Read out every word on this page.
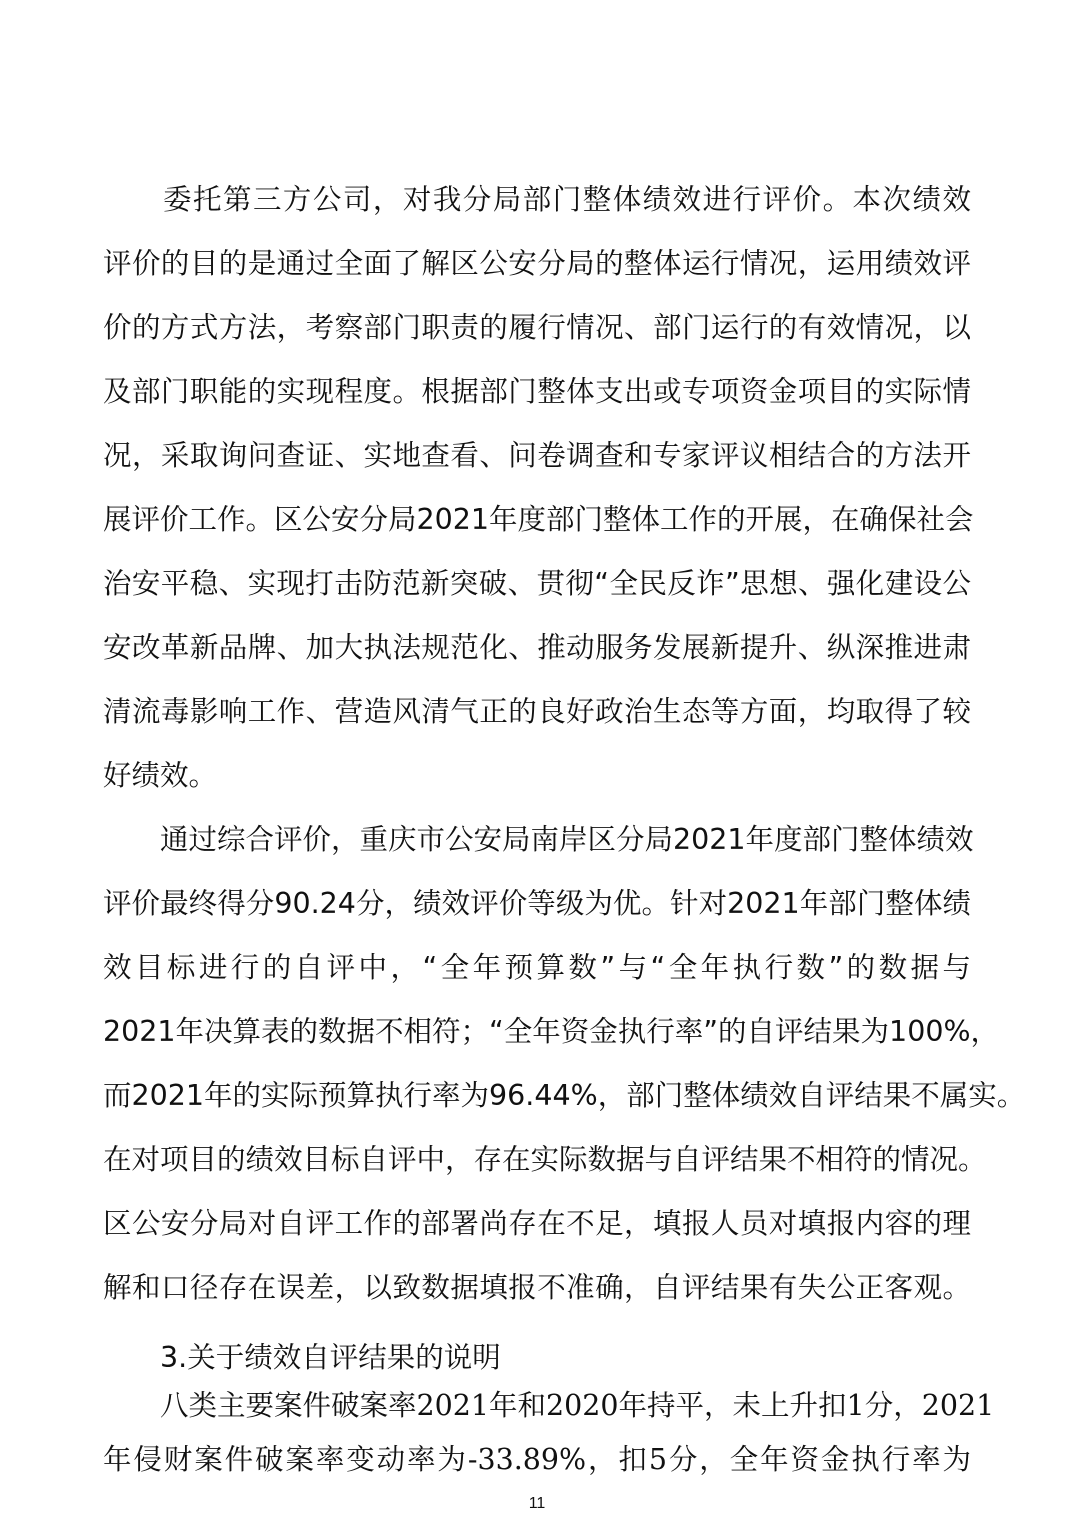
委托第三方公司，对我分局部门整体绩效进行评价。本次绩效
评价的目的是通过全面了解区公安分局的整体运行情况，运用绩效评
价的方式方法，考察部门职责的履行情况、部门运行的有效情况，以
及部门职能的实现程度。根据部门整体支出或专项资金项目的实际情
况，采取询问查证、实地查看、问卷调查和专家评议相结合的方法开
展评价工作。区公安分局2021年度部门整体工作的开展，在确保社会
治安平稳、实现打击防范新突破、贯彻“全民反诈”思想、强化建设公
安改革新品牌、加大执法规范化、推动服务发展新提升、纵深推进肃
清流毒影响工作、营造风清气正的良好政治生态等方面，均取得了较
好绩效。
通过综合评价，重庆市公安局南岸区分局2021年度部门整体绩效
评价最终得分90.24分，绩效评价等级为优。针对2021年部门整体绩
效目标进行的自评中，“全年预算数”与“全年执行数”的数据与
2021年决算表的数据不相符；“全年资金执行率”的自评结果为100%，
而2021年的实际预算执行率为96.44%，部门整体绩效自评结果不属实。
在对项目的绩效目标自评中，存在实际数据与自评结果不相符的情况。
区公安分局对自评工作的部署尚存在不足，填报人员对填报内容的理
解和口径存在误差，以致数据填报不准确，自评结果有失公正客观。
3.关于绩效自评结果的说明
八类主要案件破案率2021年和2020年持平，未上升扣1分，2021
年侵财案件破案率变动率为-33.89%，扣5分，全年资金执行率为
11
